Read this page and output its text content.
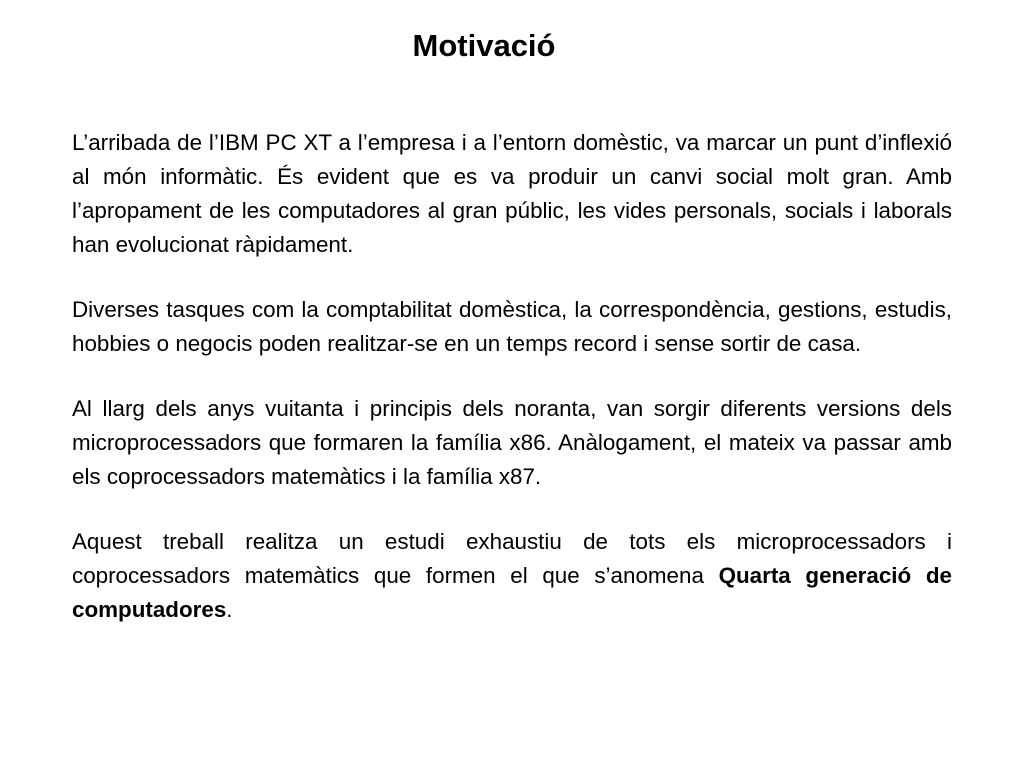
Motivació

L’arribada de l’IBM PC XT a l’empresa i a l’entorn domèstic, va marcar un punt d’inflexió al món informàtic. És evident que es va produir un canvi social molt gran. Amb l’apropament de les computadores al gran públic, les vides personals, socials i laborals han evolucionat ràpidament.

Diverses tasques com la comptabilitat domèstica, la correspondència, gestions, estudis, hobbies o negocis poden realitzar-se en un temps record i sense sortir de casa.

Al llarg dels anys vuitanta i principis dels noranta, van sorgir diferents versions dels microprocessadors que formaren la família x86. Anàlogament, el mateix va passar amb els coprocessadors matemàtics i la família x87.

Aquest treball realitza un estudi exhaustiu de tots els microprocessadors i coprocessadors matemàtics que formen el que s’anomena Quarta generació de computadores.
